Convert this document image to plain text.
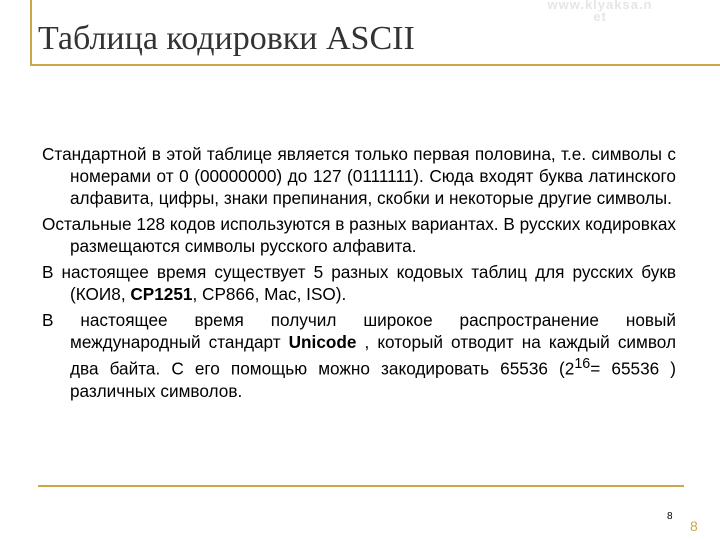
www.klyaksa.n
et
Таблица кодировки ASCII

Стандартной в этой таблице является только первая половина, т.е. символы с номерами от 0 (00000000) до 127 (0111111). Сюда входят буква латинского алфавита, цифры, знаки препинания, скобки и некоторые другие символы.

Остальные 128 кодов используются в разных вариантах. В русских кодировках размещаются символы русского алфавита.

В настоящее время существует 5 разных кодовых таблиц для русских букв (КОИ8, CP1251, CP866, Mac, ISO).

В настоящее время получил широкое распространение новый международный стандарт Unicode , который отводит на каждый символ два байта. С его помощью можно закодировать 65536 ($2^{16}= 65536$ ) различных символов.

8
8
